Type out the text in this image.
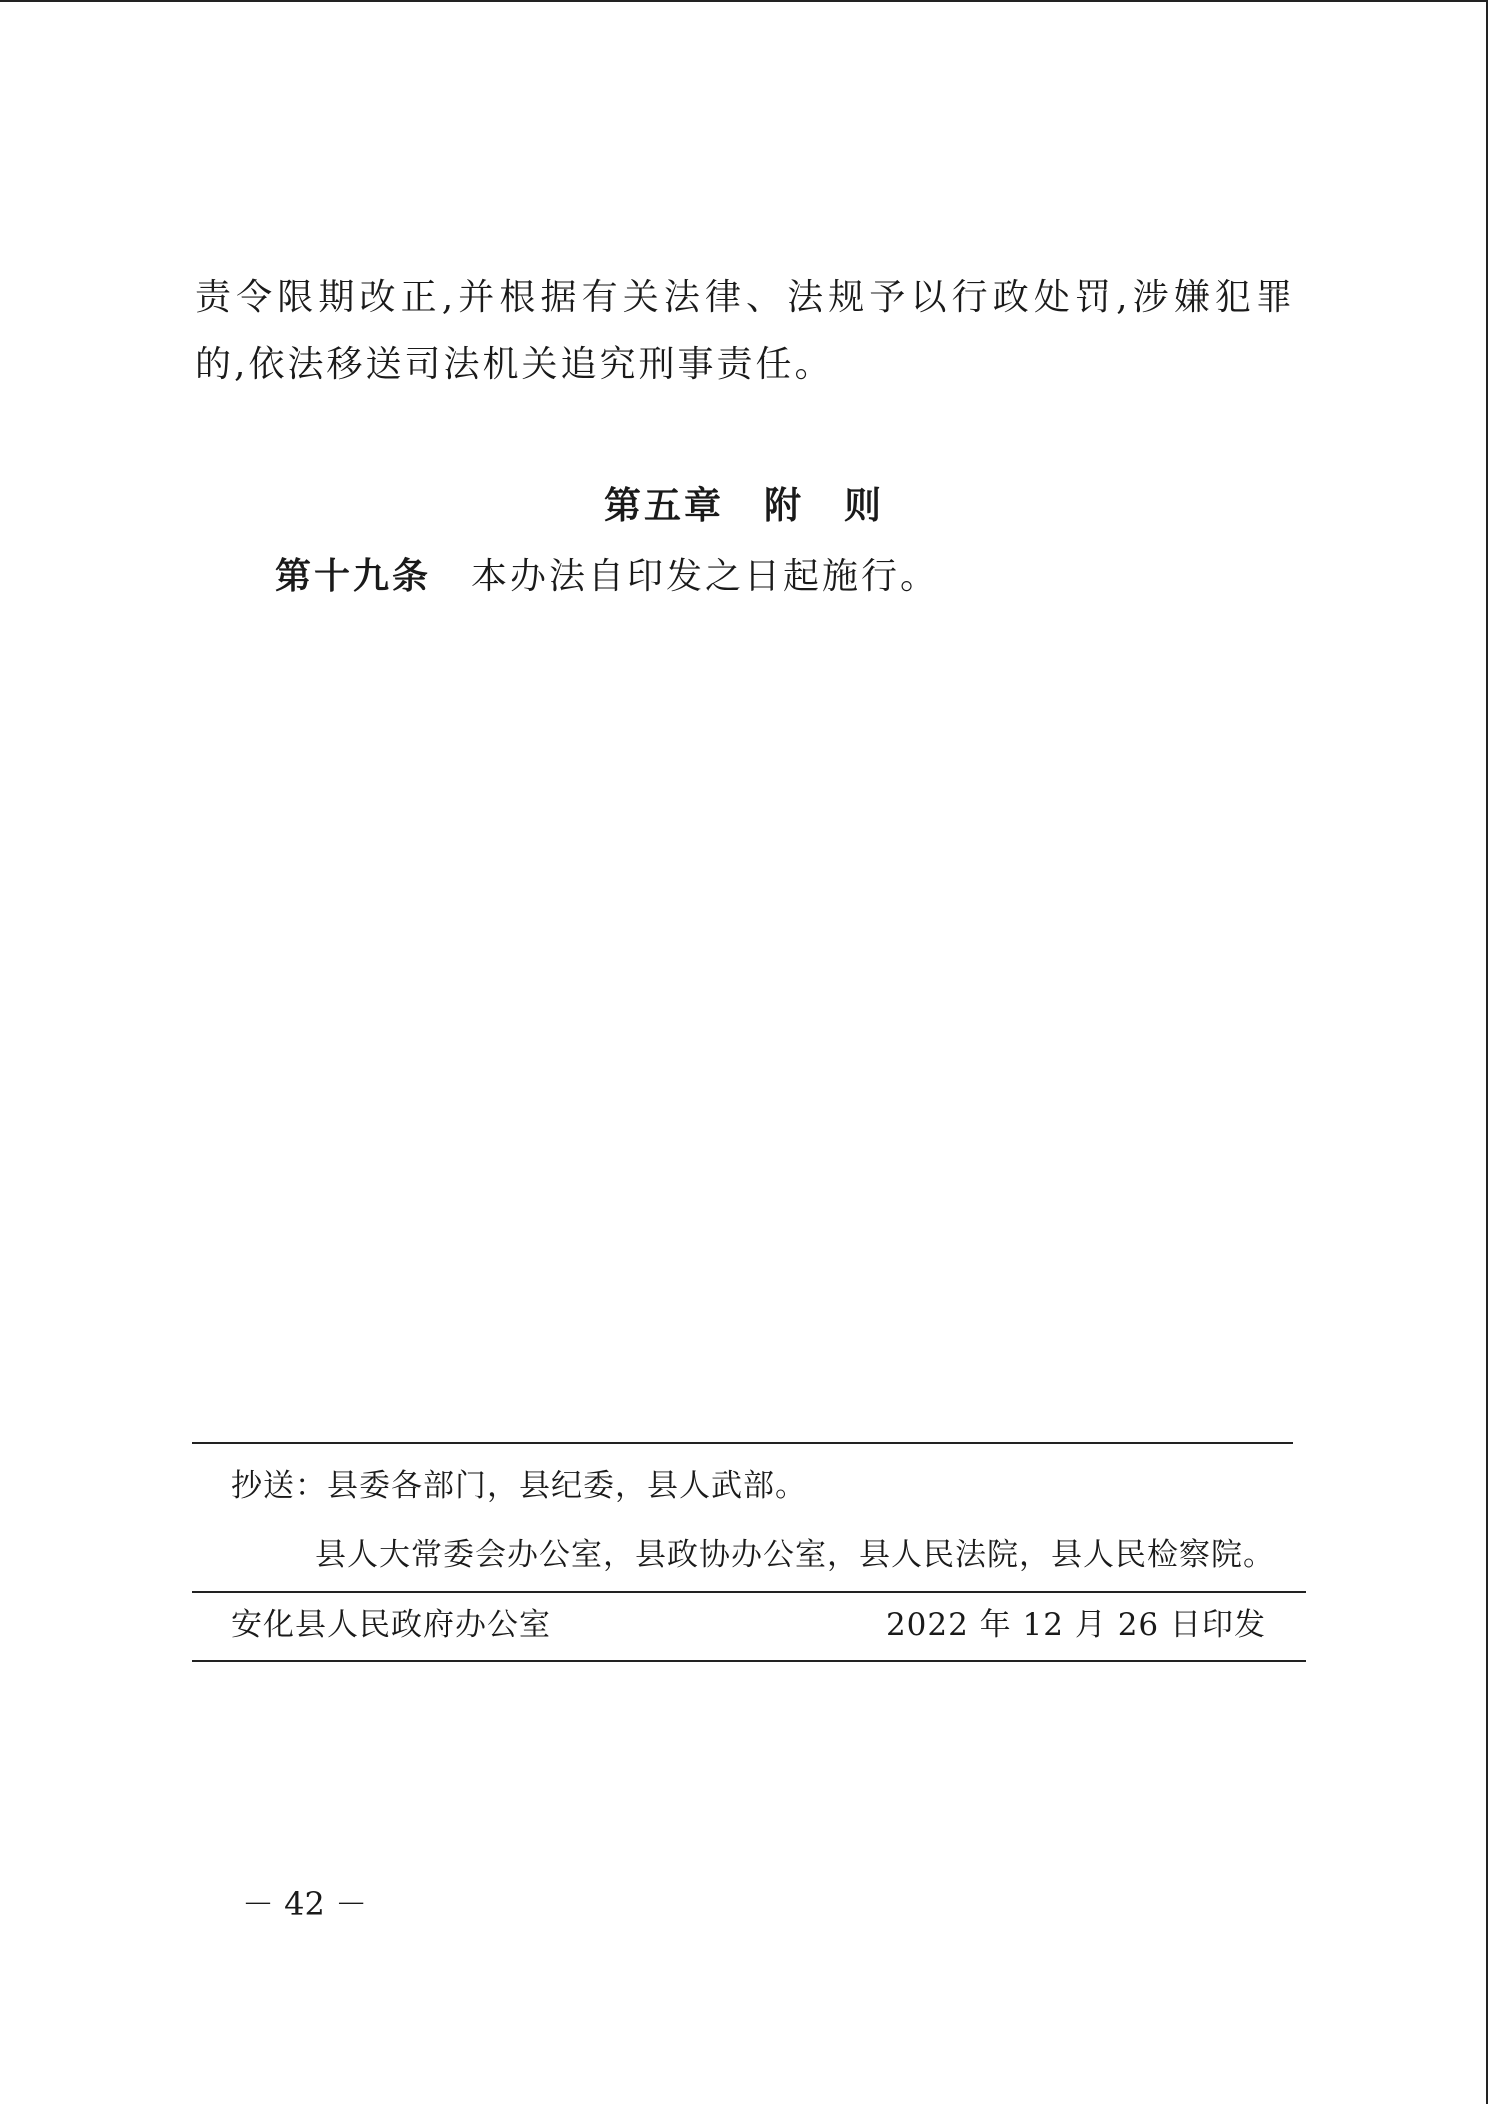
责令限期改正,并根据有关法律、法规予以行政处罚,涉嫌犯罪
的,依法移送司法机关追究刑事责任。
第五章　附　则
第十九条 本办法自印发之日起施行。
抄送：县委各部门，县纪委，县人武部。
县人大常委会办公室，县政协办公室，县人民法院，县人民检察院。
安化县人民政府办公室	2022 年 12 月 26 日印发
－ 42 －
